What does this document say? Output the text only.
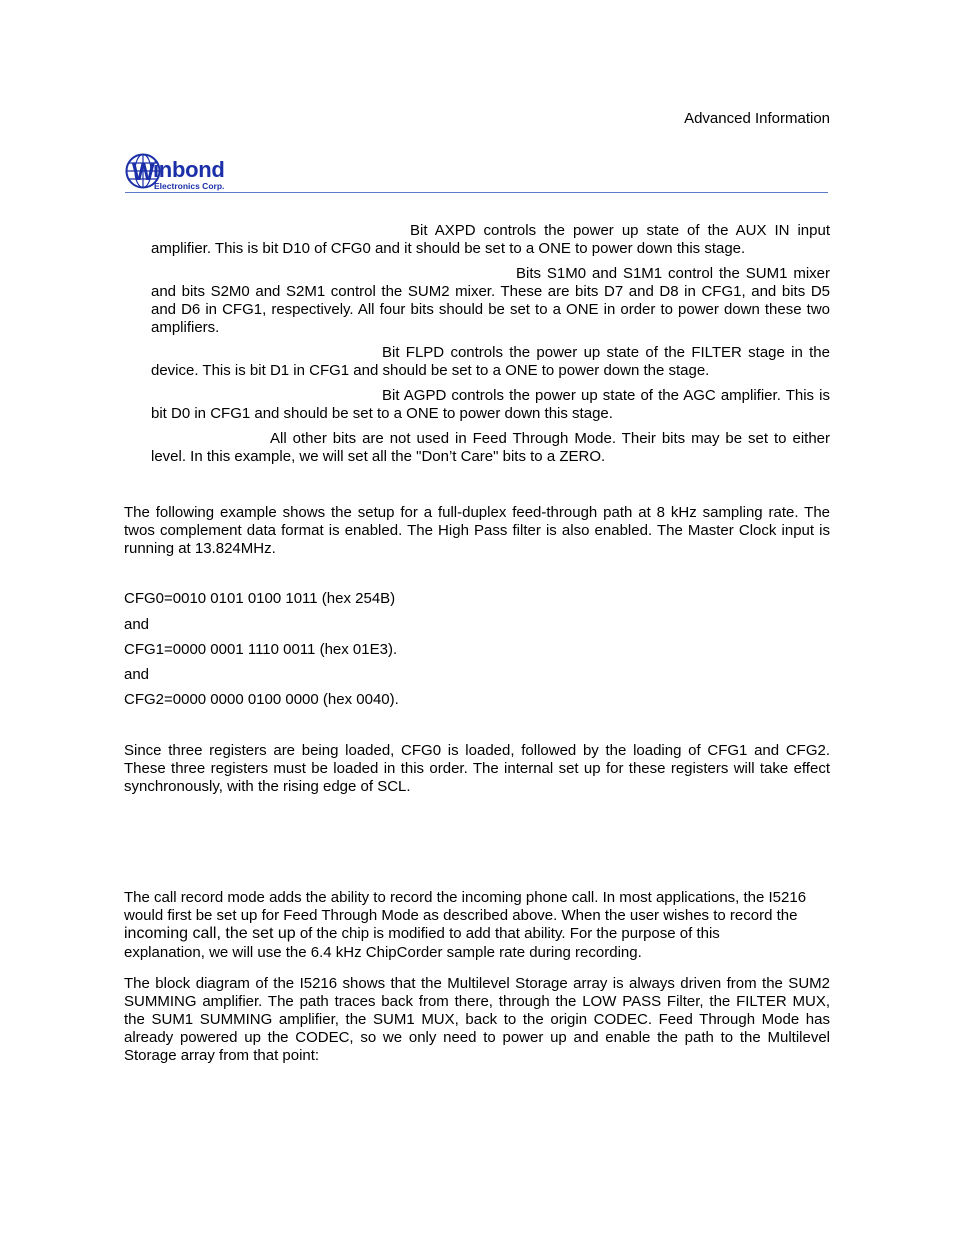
Advanced Information
W
inbond
Electronics Corp.

Bit AXPD controls the power up state of the AUX IN input amplifier. This is bit D10 of CFG0 and it should be set to a ONE to power down this stage.

Bits S1M0 and S1M1 control the SUM1 mixer and bits S2M0 and S2M1 control the SUM2 mixer. These are bits D7 and D8 in CFG1, and bits D5 and D6 in CFG1, respectively. All four bits should be set to a ONE in order to power down these two amplifiers.

Bit FLPD controls the power up state of the FILTER stage in the device. This is bit D1 in CFG1 and should be set to a ONE to power down the stage.

Bit AGPD controls the power up state of the AGC amplifier. This is bit D0 in CFG1 and should be set to a ONE to power down this stage.

All other bits are not used in Feed Through Mode. Their bits may be set to either level. In this example, we will set all the "Don’t Care" bits to a ZERO.

The following example shows the setup for a full-duplex feed-through path at 8 kHz sampling rate. The twos complement data format is enabled. The High Pass filter is also enabled. The Master Clock input is running at 13.824MHz.

CFG0=0010 0101 0100 1011 (hex 254B)

and

CFG1=0000 0001 1110 0011 (hex 01E3).

and

CFG2=0000 0000 0100 0000 (hex 0040).

Since three registers are being loaded, CFG0 is loaded, followed by the loading of CFG1 and CFG2. These three registers must be loaded in this order. The internal set up for these registers will take effect synchronously, with the rising edge of SCL.

The call record mode adds the ability to record the incoming phone call. In most applications, the I5216

would first be set up for Feed Through Mode as described above. When the user wishes to record the

incoming call, the set up of the chip is modified to add that ability. For the purpose of this

explanation, we will use the 6.4 kHz ChipCorder sample rate during recording.

The block diagram of the I5216 shows that the Multilevel Storage array is always driven from the SUM2 SUMMING amplifier. The path traces back from there, through the LOW PASS Filter, the FILTER MUX, the SUM1 SUMMING amplifier, the SUM1 MUX, back to the origin CODEC. Feed Through Mode has already powered up the CODEC, so we only need to power up and enable the path to the Multilevel Storage array from that point:
